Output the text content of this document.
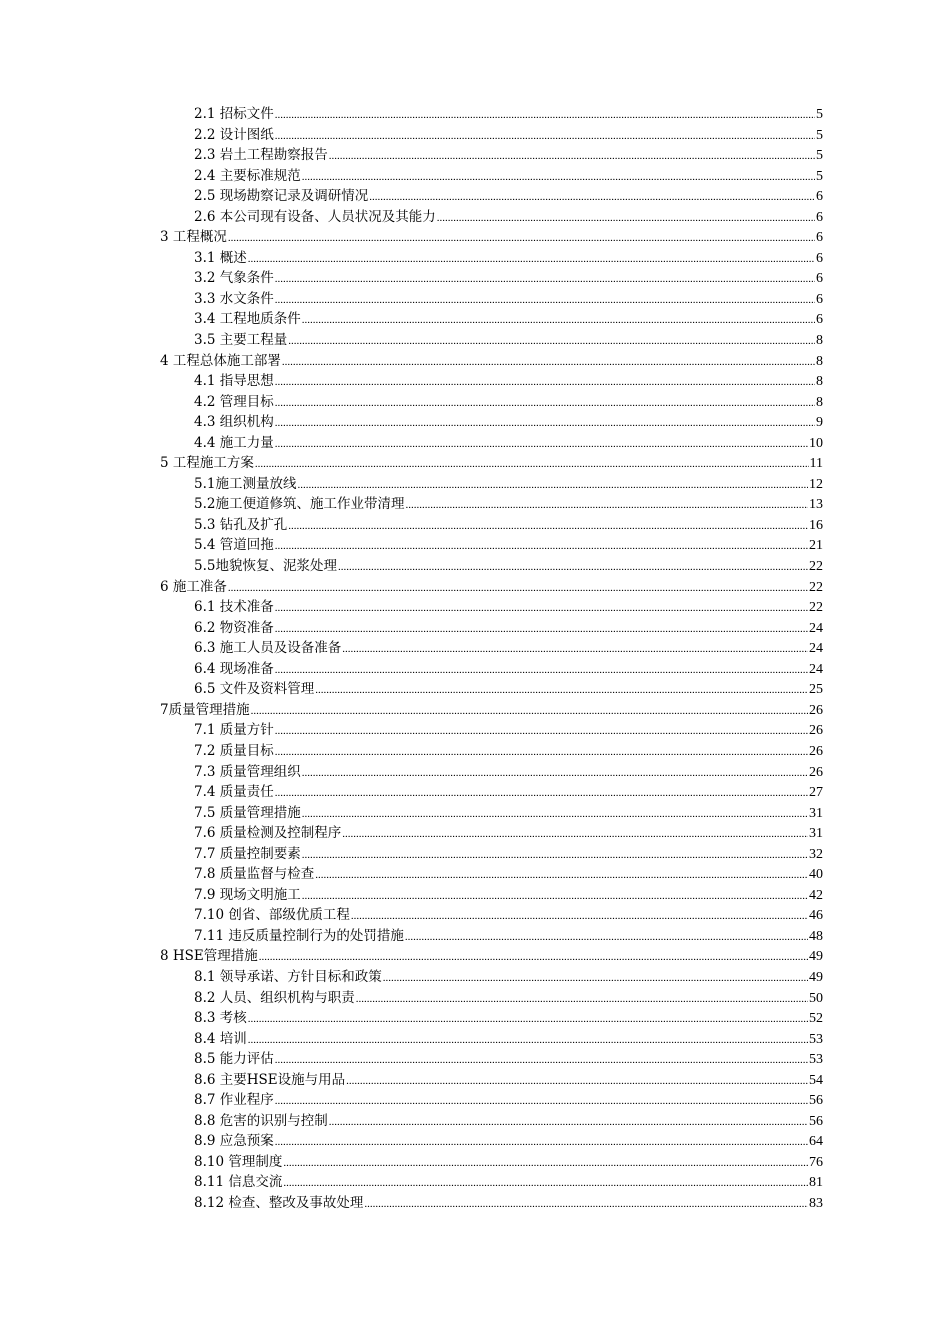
2.1 招标文件 .....	5
2.2 设计图纸 .....	5
2.3 岩土工程勘察报告 .....	5
2.4 主要标准规范 .....	5
2.5 现场勘察记录及调研情况 .....	6
2.6 本公司现有设备、人员状况及其能力 .....	6
3 工程概况 .....	6
3.1 概述 .....	6
3.2 气象条件 .....	6
3.3 水文条件 .....	6
3.4 工程地质条件 .....	6
3.5 主要工程量 .....	8
4 工程总体施工部署 .....	8
4.1 指导思想 .....	8
4.2 管理目标 .....	8
4.3 组织机构 .....	9
4.4 施工力量 .....	10
5 工程施工方案 .....	11
5.1施工测量放线 .....	12
5.2施工便道修筑、施工作业带清理 .....	13
5.3 钻孔及扩孔 .....	16
5.4 管道回拖 .....	21
5.5地貌恢复、泥浆处理 .....	22
6 施工准备 .....	22
6.1 技术准备 .....	22
6.2 物资准备 .....	24
6.3 施工人员及设备准备 .....	24
6.4 现场准备 .....	24
6.5 文件及资料管理 .....	25
7质量管理措施 .....	26
7.1 质量方针 .....	26
7.2 质量目标 .....	26
7.3 质量管理组织 .....	26
7.4 质量责任 .....	27
7.5 质量管理措施 .....	31
7.6 质量检测及控制程序 .....	31
7.7 质量控制要素 .....	32
7.8 质量监督与检查 .....	40
7.9 现场文明施工 .....	42
7.10 创省、部级优质工程 .....	46
7.11 违反质量控制行为的处罚措施 .....	48
8 HSE管理措施 .....	49
8.1 领导承诺、方针目标和政策 .....	49
8.2 人员、组织机构与职责 .....	50
8.3 考核 .....	52
8.4 培训 .....	53
8.5 能力评估 .....	53
8.6 主要HSE设施与用品 .....	54
8.7 作业程序 .....	56
8.8 危害的识别与控制 .....	56
8.9 应急预案 .....	64
8.10 管理制度 .....	76
8.11 信息交流 .....	81
8.12 检查、整改及事故处理 .....	83
